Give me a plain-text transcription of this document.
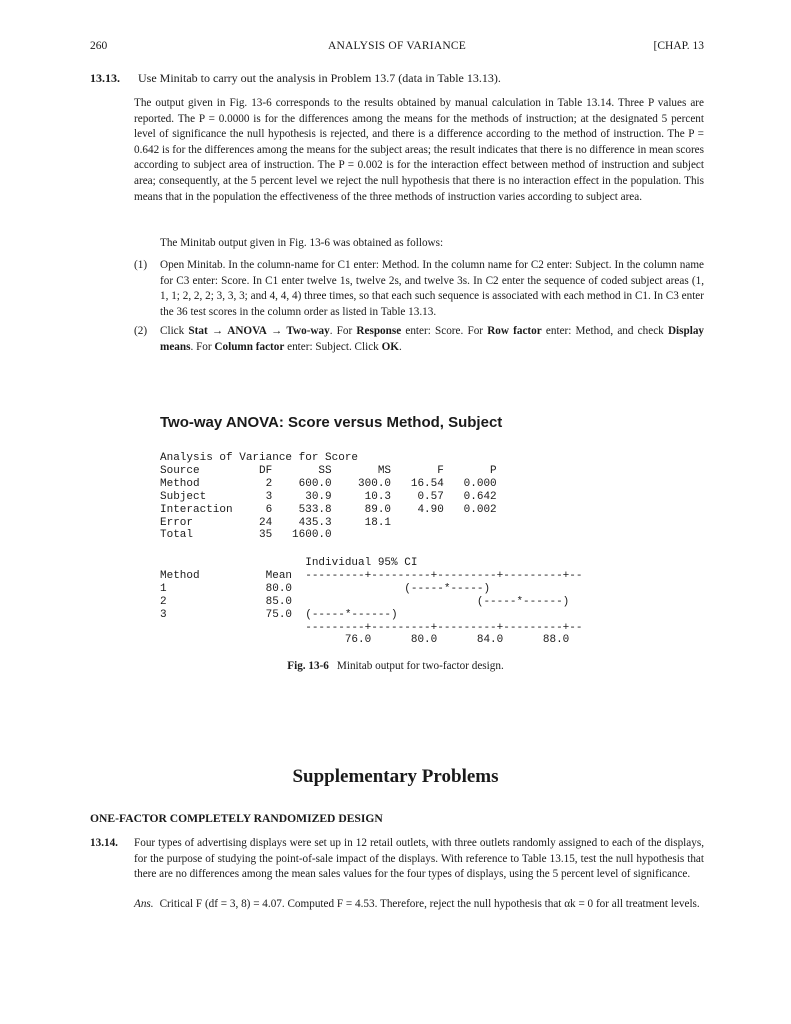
260	ANALYSIS OF VARIANCE	[CHAP. 13
13.13. Use Minitab to carry out the analysis in Problem 13.7 (data in Table 13.13).

The output given in Fig. 13-6 corresponds to the results obtained by manual calculation in Table 13.14. Three P values are reported. The P = 0.0000 is for the differences among the means for the methods of instruction; at the designated 5 percent level of significance the null hypothesis is rejected, and there is a difference according to the method of instruction. The P = 0.642 is for the differences among the means for the subject areas; the result indicates that there is no difference in mean scores according to subject area of instruction. The P = 0.002 is for the interaction effect between method of instruction and subject area; consequently, at the 5 percent level we reject the null hypothesis that there is no interaction effect in the population. This means that in the population the effectiveness of the three methods of instruction varies according to subject area.

The Minitab output given in Fig. 13-6 was obtained as follows:

(1) Open Minitab. In the column-name for C1 enter: Method. In the column name for C2 enter: Subject. In the column name for C3 enter: Score. In C1 enter twelve 1s, twelve 2s, and twelve 3s. In C2 enter the sequence of coded subject areas (1, 1, 1; 2, 2, 2; 3, 3, 3; and 4, 4, 4) three times, so that each such sequence is associated with each method in C1. In C3 enter the 36 test scores in the column order as listed in Table 13.13.
(2) Click Stat → ANOVA → Two-way. For Response enter: Score. For Row factor enter: Method, and check Display means. For Column factor enter: Subject. Click OK.
Two-way ANOVA: Score versus Method, Subject
Analysis of Variance for Score
Source         DF       SS       MS       F       P
Method          2    600.0    300.0   16.54   0.000
Subject         3     30.9     10.3    0.57   0.642
Interaction     6    533.8     89.0    4.90   0.002
Error          24    435.3     18.1
Total          35   1600.0
Individual 95% CI
Method          Mean  ---------+---------+---------+---------+--
1               80.0                 (-----*-----)
2               85.0                            (-----*------)
3               75.0  (-----*------)
---------+---------+---------+---------+--
76.0      80.0      84.0      88.0
Fig. 13-6 Minitab output for two-factor design.
Supplementary Problems
ONE-FACTOR COMPLETELY RANDOMIZED DESIGN
13.14. Four types of advertising displays were set up in 12 retail outlets, with three outlets randomly assigned to each of the displays, for the purpose of studying the point-of-sale impact of the displays. With reference to Table 13.15, test the null hypothesis that there are no differences among the mean sales values for the four types of displays, using the 5 percent level of significance.
Ans. Critical F (df = 3, 8) = 4.07. Computed F = 4.53. Therefore, reject the null hypothesis that αk = 0 for all treatment levels.
